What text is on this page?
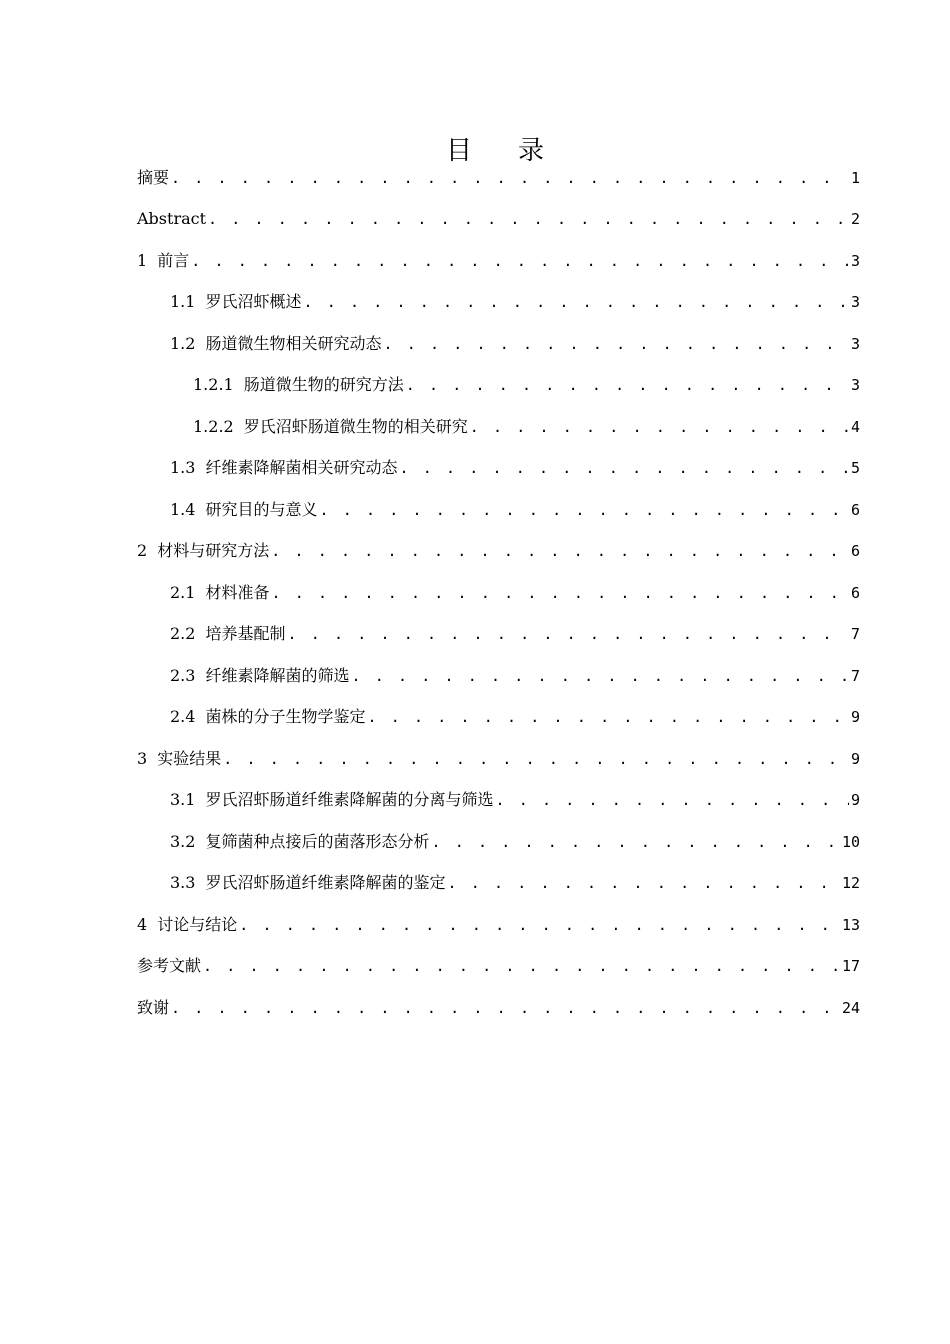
目 录
摘要 . . .	1
Abstract . . .	2
1 前言 . . .	3
1.1 罗氏沼虾概述 . . .	3
1.2 肠道微生物相关研究动态 . . .	3
1.2.1 肠道微生物的研究方法 . . .	3
1.2.2 罗氏沼虾肠道微生物的相关研究 . . .	4
1.3 纤维素降解菌相关研究动态 . . .	5
1.4 研究目的与意义 . . .	6
2 材料与研究方法 . . .	6
2.1 材料准备 . . .	6
2.2 培养基配制 . . .	7
2.3 纤维素降解菌的筛选 . . .	7
2.4 菌株的分子生物学鉴定 . . .	9
3 实验结果 . . .	9
3.1 罗氏沼虾肠道纤维素降解菌的分离与筛选 . . .	9
3.2 复筛菌种点接后的菌落形态分析 . . .	10
3.3 罗氏沼虾肠道纤维素降解菌的鉴定 . . .	12
4 讨论与结论 . . .	13
参考文献 . . .	17
致谢 . . .	24
